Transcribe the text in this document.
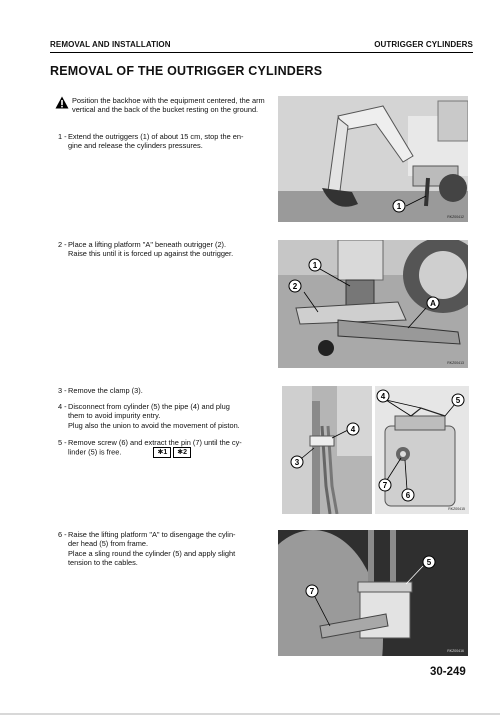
REMOVAL AND INSTALLATION	OUTRIGGER CYLINDERS
REMOVAL OF THE OUTRIGGER CYLINDERS

Position the backhoe with the equipment centered, the arm vertical and the back of the bucket resting on the ground.

1 - Extend the outriggers (1) of about 15 cm, stop the en-

gine and release the cylinders pressures.

2 - Place a lifting platform "A" beneath outrigger (2).

Raise this until it is forced up against the outrigger.

3 - Remove the clamp (3).

4 - Disconnect from cylinder (5) the pipe (4) and plug

them to avoid impurity entry.

Plug also the union to avoid the movement of piston.

5 - Remove screw (6) and extract the pin (7) until the cy-

linder (5) is free.	✱1	✱2

6 - Raise the lifting platform "A" to disengage the cylin-

der head (5) from frame.

Place a sling round the cylinder (5) and apply slight

tension to the cables.

1
RKZ00412
2
1
A
RKZ00413
4
3
4	5
7
6
RKZ00415
7
5
RKZ00416
30-249
